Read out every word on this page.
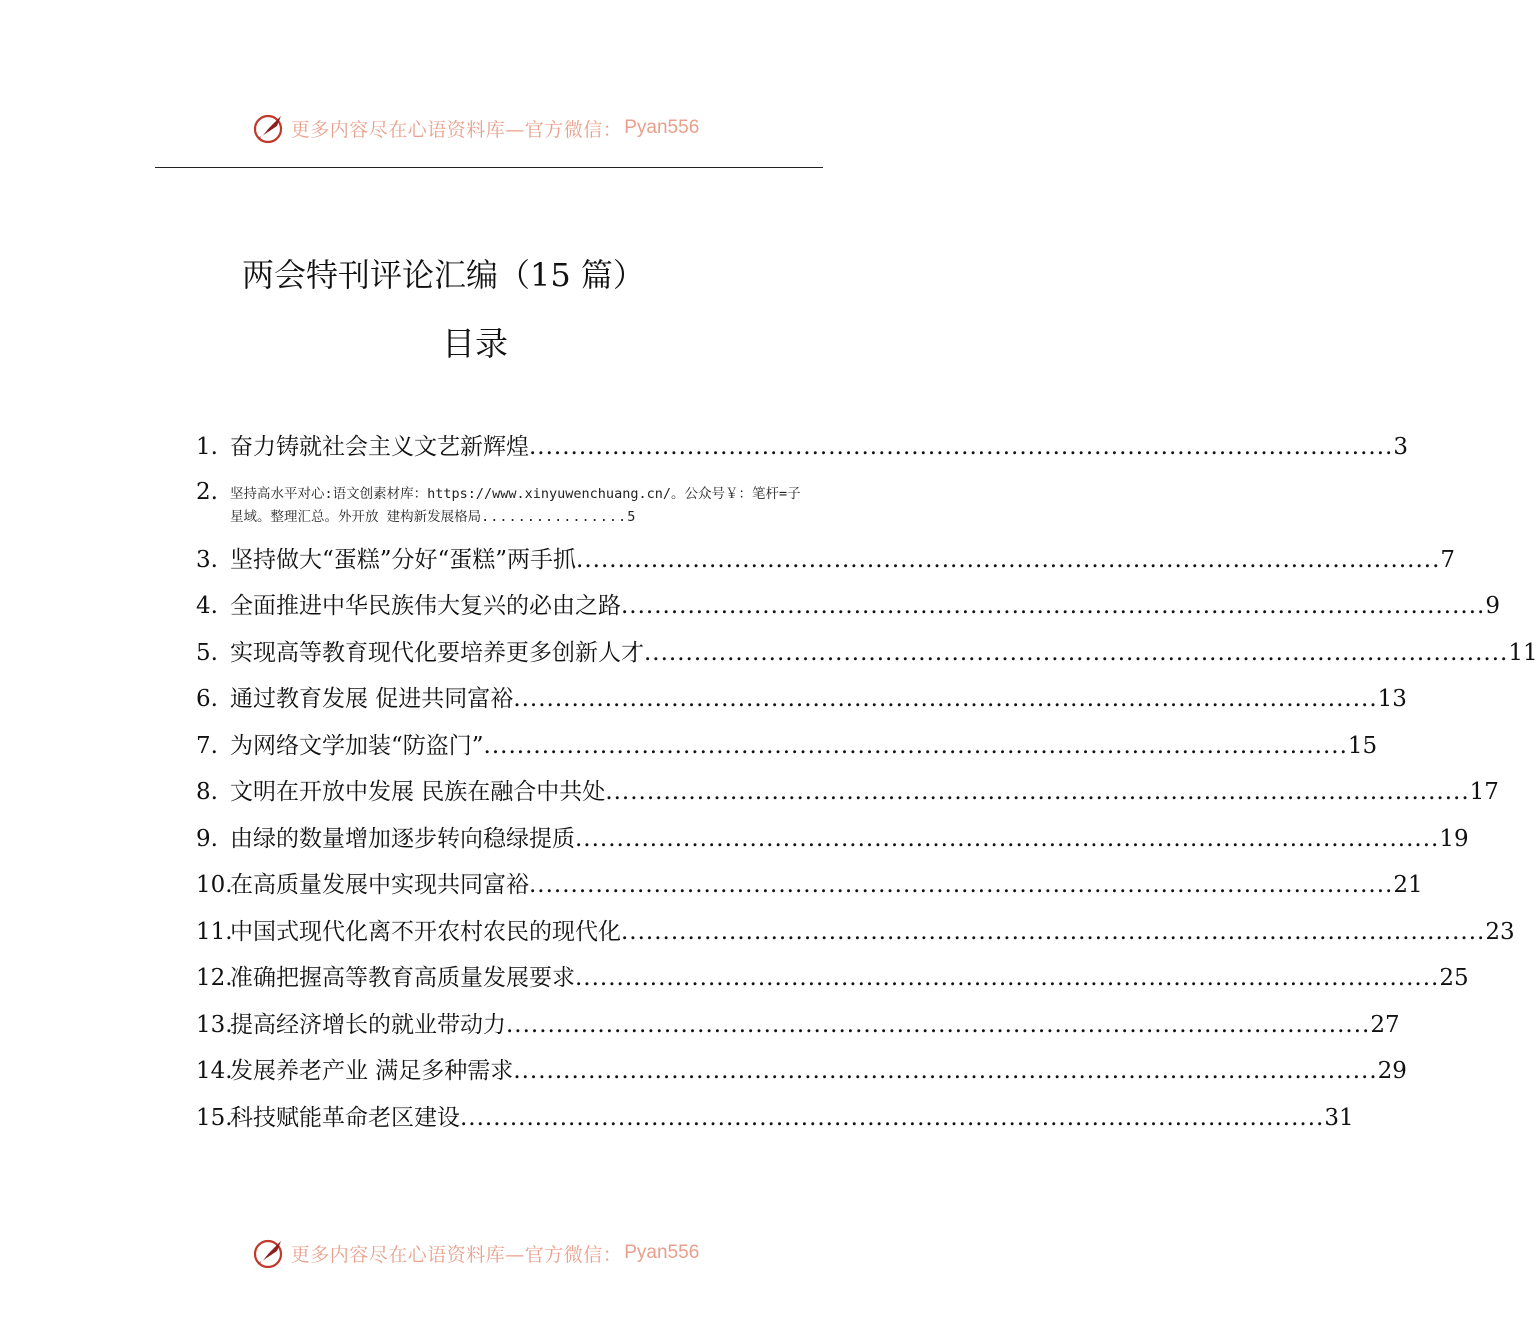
更多内容尽在心语资料库—官方微信： Pyan556
两会特刊评论汇编（15 篇）
目录
1. 奋力铸就社会主义文艺新辉煌 ........................................................................................................ 3
2. 坚持高水平对心:语文创素材库：https://www.xinyuwenchuang.cn/。公众号￥：笔杆=子星域。整理汇总。外开放 建构新发展格局................5
3. 坚持做大“蛋糕”分好“蛋糕”两手抓 ........................................................................................................ 7
4. 全面推进中华民族伟大复兴的必由之路 ........................................................................................................ 9
5. 实现高等教育现代化要培养更多创新人才 ........................................................................................................ 11
6. 通过教育发展 促进共同富裕 ........................................................................................................ 13
7. 为网络文学加装“防盗门” ........................................................................................................ 15
8. 文明在开放中发展 民族在融合中共处 ........................................................................................................ 17
9. 由绿的数量增加逐步转向稳绿提质 ........................................................................................................ 19
10.
在高质量发展中实现共同富裕 ........................................................................................................ 21
11.
中国式现代化离不开农村农民的现代化 ........................................................................................................ 23
12.
准确把握高等教育高质量发展要求 ........................................................................................................ 25
13.
提高经济增长的就业带动力 ........................................................................................................ 27
14.
发展养老产业 满足多种需求 ........................................................................................................ 29
15.
科技赋能革命老区建设 ........................................................................................................ 31
更多内容尽在心语资料库—官方微信： Pyan556
